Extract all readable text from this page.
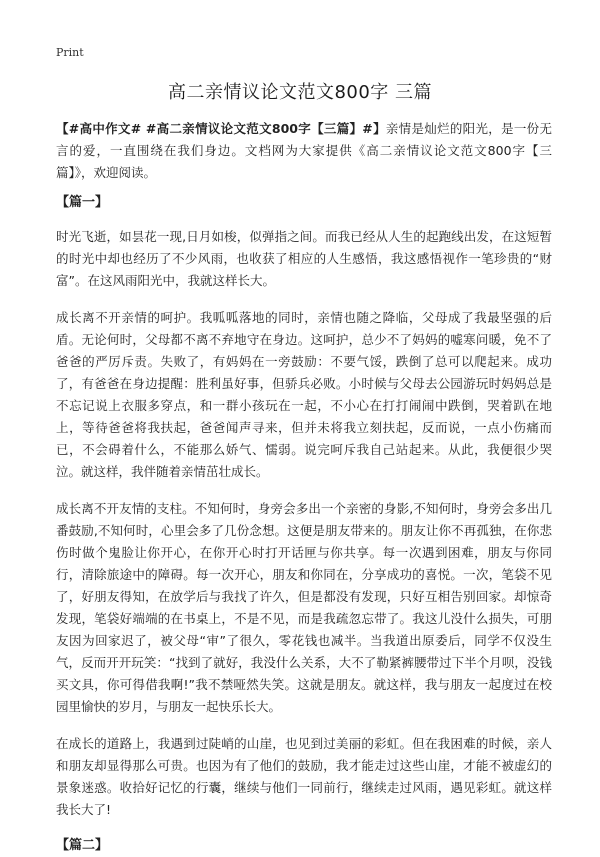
Print
高二亲情议论文范文800字 三篇

【#高中作文# #高二亲情议论文范文800字【三篇】#】亲情是灿烂的阳光，是一份无言的爱，一直围绕在我们身边。文档网为大家提供《高二亲情议论文范文800字【三篇】》，欢迎阅读。

【篇一】

时光飞逝，如昙花一现,日月如梭，似弹指之间。而我已经从人生的起跑线出发，在这短暂的时光中却也经历了不少风雨，也收获了相应的人生感悟，我这感悟视作一笔珍贵的“财富”。在这风雨阳光中，我就这样长大。

成长离不开亲情的呵护。我呱呱落地的同时，亲情也随之降临，父母成了我最坚强的后盾。无论何时，父母都不离不弃地守在身边。这呵护，总少不了妈妈的嘘寒问暖，免不了爸爸的严厉斥责。失败了，有妈妈在一旁鼓励：不要气馁，跌倒了总可以爬起来。成功了，有爸爸在身边提醒：胜利虽好事，但骄兵必败。小时候与父母去公园游玩时妈妈总是不忘记说上衣服多穿点，和一群小孩玩在一起，不小心在打打闹闹中跌倒，哭着趴在地上，等待爸爸将我扶起，爸爸闻声寻来，但并未将我立刻扶起，反而说，一点小伤痛而已，不会碍着什么，不能那么娇气、懦弱。说完呵斥我自己站起来。从此，我便很少哭泣。就这样，我伴随着亲情茁壮成长。

成长离不开友情的支柱。不知何时，身旁会多出一个亲密的身影,不知何时，身旁会多出几番鼓励,不知何时，心里会多了几份念想。这便是朋友带来的。朋友让你不再孤独，在你悲伤时做个鬼脸让你开心，在你开心时打开话匣与你共享。每一次遇到困难，朋友与你同行，清除旅途中的障碍。每一次开心，朋友和你同在，分享成功的喜悦。一次，笔袋不见了，好朋友得知，在放学后与我找了许久，但是都没有发现，只好互相告别回家。却惊奇发现，笔袋好端端的在书桌上，不是不见，而是我疏忽忘带了。我这儿没什么损失，可朋友因为回家迟了，被父母“审”了很久，零花钱也减半。当我道出原委后，同学不仅没生气，反而开开玩笑：“找到了就好，我没什么关系，大不了勒紧裤腰带过下半个月呗，没钱买文具，你可得借我啊!”我不禁哑然失笑。这就是朋友。就这样，我与朋友一起度过在校园里愉快的岁月，与朋友一起快乐长大。

在成长的道路上，我遇到过陡峭的山崖，也见到过美丽的彩虹。但在我困难的时候，亲人和朋友却显得那么可贵。也因为有了他们的鼓励，我才能走过这些山崖，才能不被虚幻的景象迷惑。收拾好记忆的行囊，继续与他们一同前行，继续走过风雨，遇见彩虹。就这样我长大了!

【篇二】
